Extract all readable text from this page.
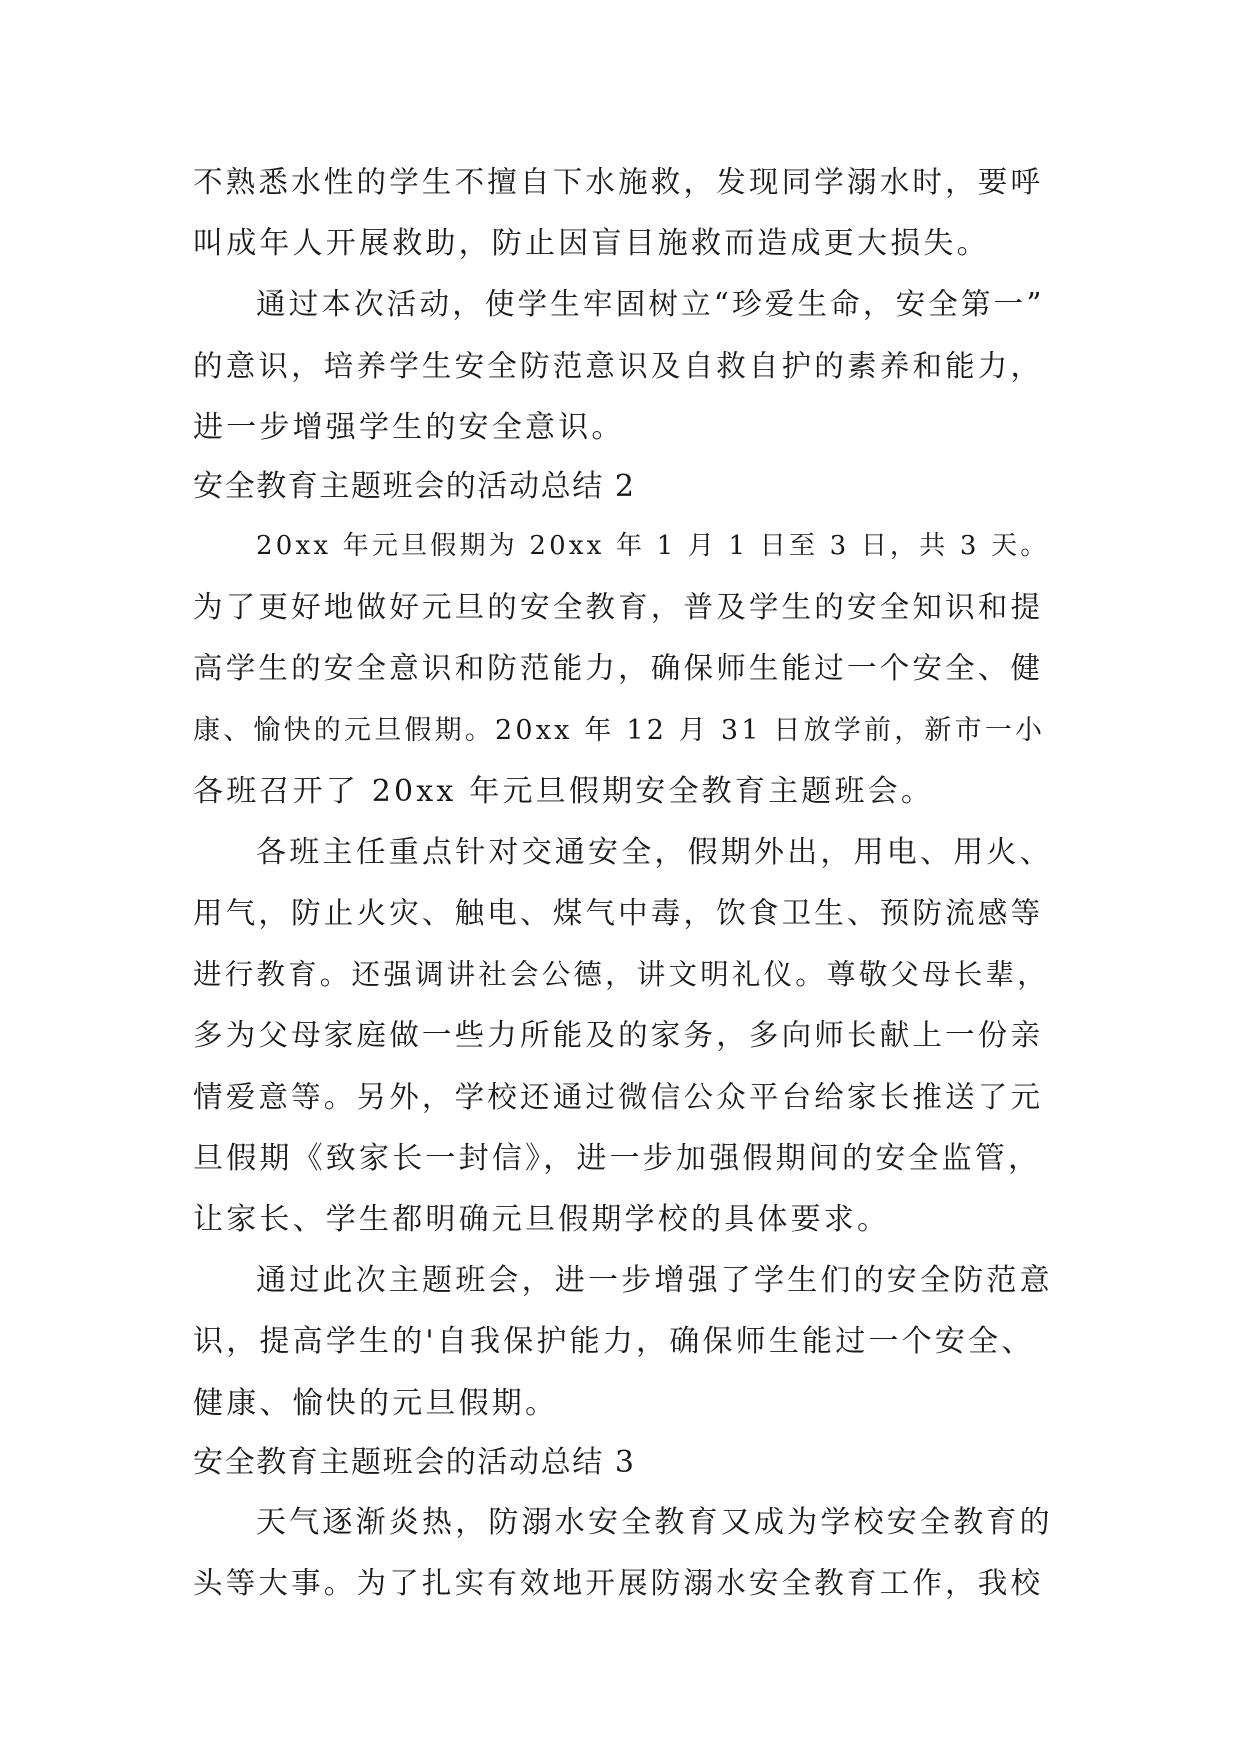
不熟悉水性的学生不擅自下水施救，发现同学溺水时，要呼
叫成年人开展救助，防止因盲目施救而造成更大损失。
通过本次活动，使学生牢固树立“珍爱生命，安全第一”
的意识，培养学生安全防范意识及自救自护的素养和能力，
进一步增强学生的安全意识。
安全教育主题班会的活动总结 2
20xx 年元旦假期为 20xx 年 1 月 1 日至 3 日，共 3 天。
为了更好地做好元旦的安全教育，普及学生的安全知识和提
高学生的安全意识和防范能力，确保师生能过一个安全、健
康、愉快的元旦假期。20xx 年 12 月 31 日放学前，新市一小
各班召开了 20xx 年元旦假期安全教育主题班会。
各班主任重点针对交通安全，假期外出，用电、用火、
用气，防止火灾、触电、煤气中毒，饮食卫生、预防流感等
进行教育。还强调讲社会公德，讲文明礼仪。尊敬父母长辈，
多为父母家庭做一些力所能及的家务，多向师长献上一份亲
情爱意等。另外，学校还通过微信公众平台给家长推送了元
旦假期《致家长一封信》，进一步加强假期间的安全监管，
让家长、学生都明确元旦假期学校的具体要求。
通过此次主题班会，进一步增强了学生们的安全防范意
识，提高学生的'自我保护能力，确保师生能过一个安全、
健康、愉快的元旦假期。
安全教育主题班会的活动总结 3
天气逐渐炎热，防溺水安全教育又成为学校安全教育的
头等大事。为了扎实有效地开展防溺水安全教育工作，我校
